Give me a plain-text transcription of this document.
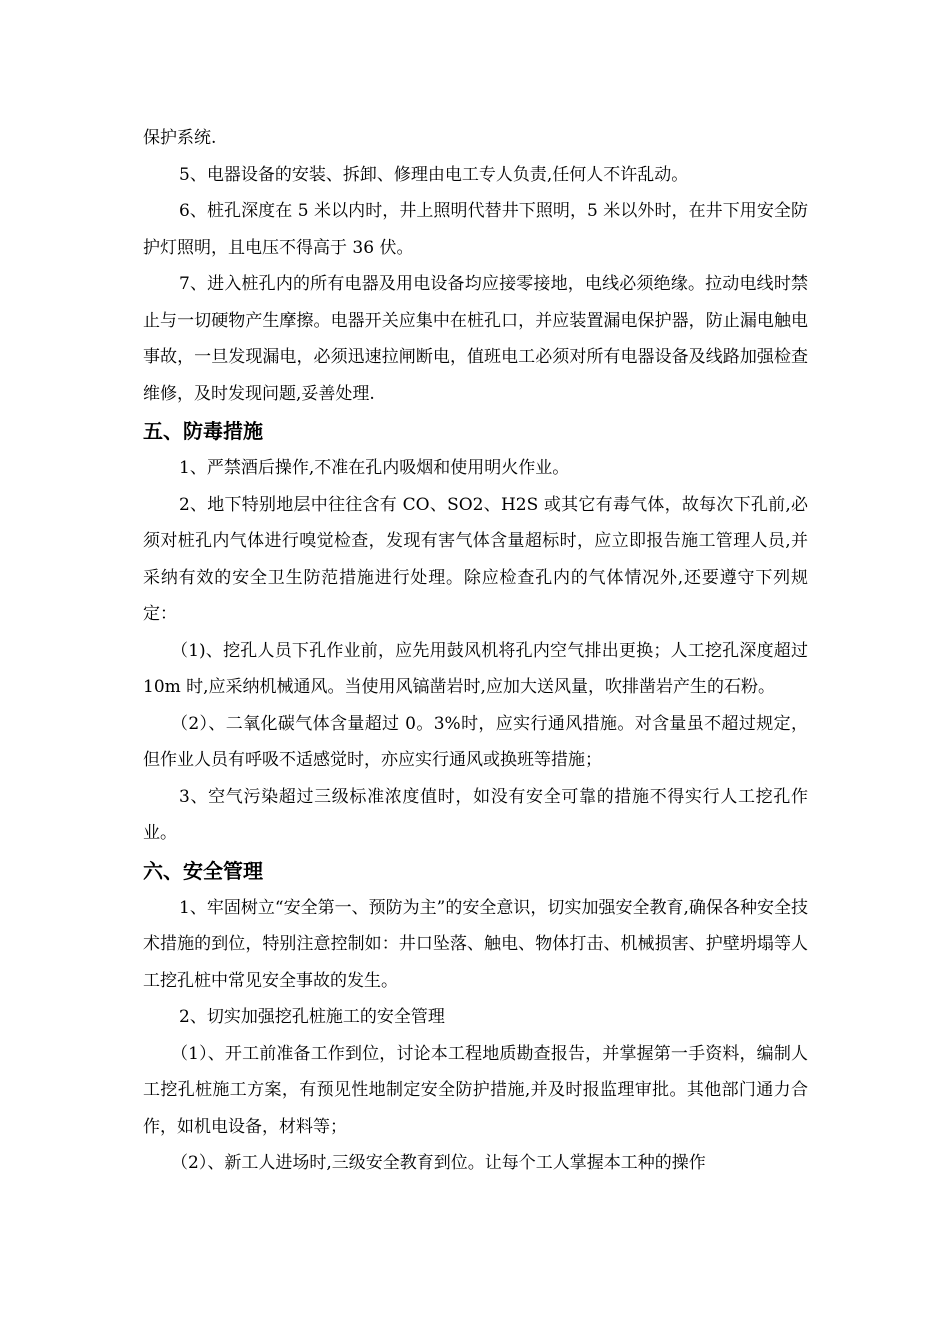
保护系统.

5、电器设备的安装、拆卸、修理由电工专人负责,任何人不许乱动。

6、桩孔深度在 5 米以内时，井上照明代替井下照明，5 米以外时，在井下用安全防护灯照明，且电压不得高于 36 伏。

7、进入桩孔内的所有电器及用电设备均应接零接地，电线必须绝缘。拉动电线时禁止与一切硬物产生摩擦。电器开关应集中在桩孔口，并应装置漏电保护器，防止漏电触电事故，一旦发现漏电，必须迅速拉闸断电，值班电工必须对所有电器设备及线路加强检查维修，及时发现问题,妥善处理.

五、防毒措施

1、严禁酒后操作,不准在孔内吸烟和使用明火作业。

2、地下特别地层中往往含有 CO、SO2、H2S 或其它有毒气体，故每次下孔前,必须对桩孔内气体进行嗅觉检查，发现有害气体含量超标时，应立即报告施工管理人员,并采纳有效的安全卫生防范措施进行处理。除应检查孔内的气体情况外,还要遵守下列规定：

（1)、挖孔人员下孔作业前，应先用鼓风机将孔内空气排出更换；人工挖孔深度超过 10m 时,应采纳机械通风。当使用风镐凿岩时,应加大送风量，吹排凿岩产生的石粉。

（2）、二氧化碳气体含量超过 0。3%时，应实行通风措施。对含量虽不超过规定，但作业人员有呼吸不适感觉时，亦应实行通风或换班等措施；

3、空气污染超过三级标准浓度值时，如没有安全可靠的措施不得实行人工挖孔作业。

六、安全管理

1、牢固树立“安全第一、预防为主”的安全意识，切实加强安全教育,确保各种安全技术措施的到位，特别注意控制如：井口坠落、触电、物体打击、机械损害、护壁坍塌等人工挖孔桩中常见安全事故的发生。

2、切实加强挖孔桩施工的安全管理

（1）、开工前准备工作到位，讨论本工程地质勘查报告，并掌握第一手资料，编制人工挖孔桩施工方案，有预见性地制定安全防护措施,并及时报监理审批。其他部门通力合作，如机电设备，材料等；

（2）、新工人进场时,三级安全教育到位。让每个工人掌握本工种的操作
